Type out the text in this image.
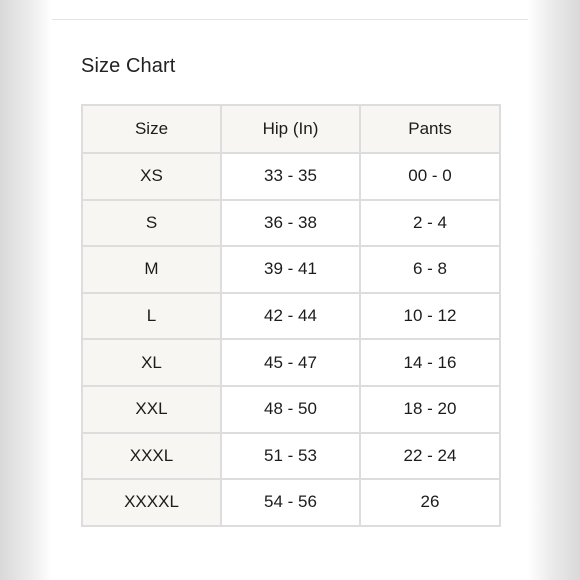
Size Chart
Size	Hip (In)	Pants
XS	33 - 35	00 - 0
S	36 - 38	2 - 4
M	39 - 41	6 - 8
L	42 - 44	10 - 12
XL	45 - 47	14 - 16
XXL	48 - 50	18 - 20
XXXL	51 - 53	22 - 24
XXXXL	54 - 56	26
